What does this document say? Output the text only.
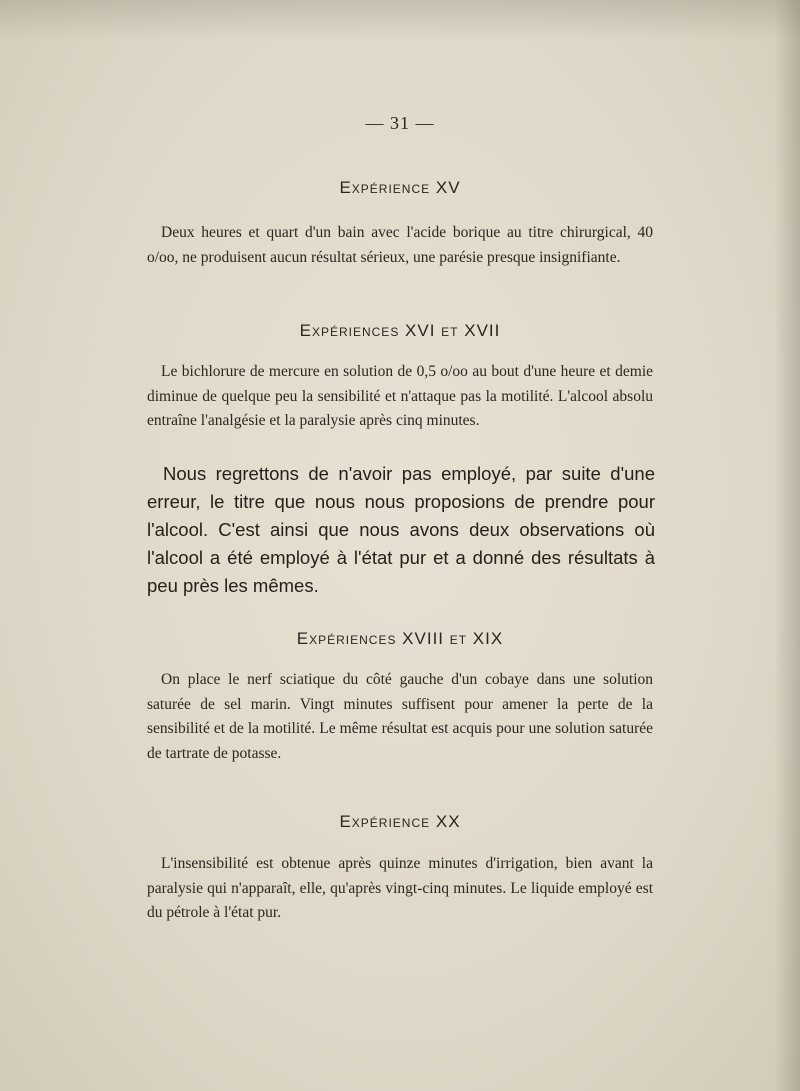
— 31 —
Expérience XV
Deux heures et quart d'un bain avec l'acide borique au titre chirurgical, 40 o/oo, ne produisent aucun résultat sérieux, une parésie presque insignifiante.
Expériences XVI et XVII
Le bichlorure de mercure en solution de 0,5 o/oo au bout d'une heure et demie diminue de quelque peu la sensibilité et n'attaque pas la motilité. L'alcool absolu entraîne l'analgésie et la paralysie après cinq minutes.
Nous regrettons de n'avoir pas employé, par suite d'une erreur, le titre que nous nous proposions de prendre pour l'alcool. C'est ainsi que nous avons deux observations où l'alcool a été employé à l'état pur et a donné des résultats à peu près les mêmes.
Expériences XVIII et XIX
On place le nerf sciatique du côté gauche d'un cobaye dans une solution saturée de sel marin. Vingt minutes suffisent pour amener la perte de la sensibilité et de la motilité. Le même résultat est acquis pour une solution saturée de tartrate de potasse.
Expérience XX
L'insensibilité est obtenue après quinze minutes d'irrigation, bien avant la paralysie qui n'apparaît, elle, qu'après vingt-cinq minutes. Le liquide employé est du pétrole à l'état pur.
